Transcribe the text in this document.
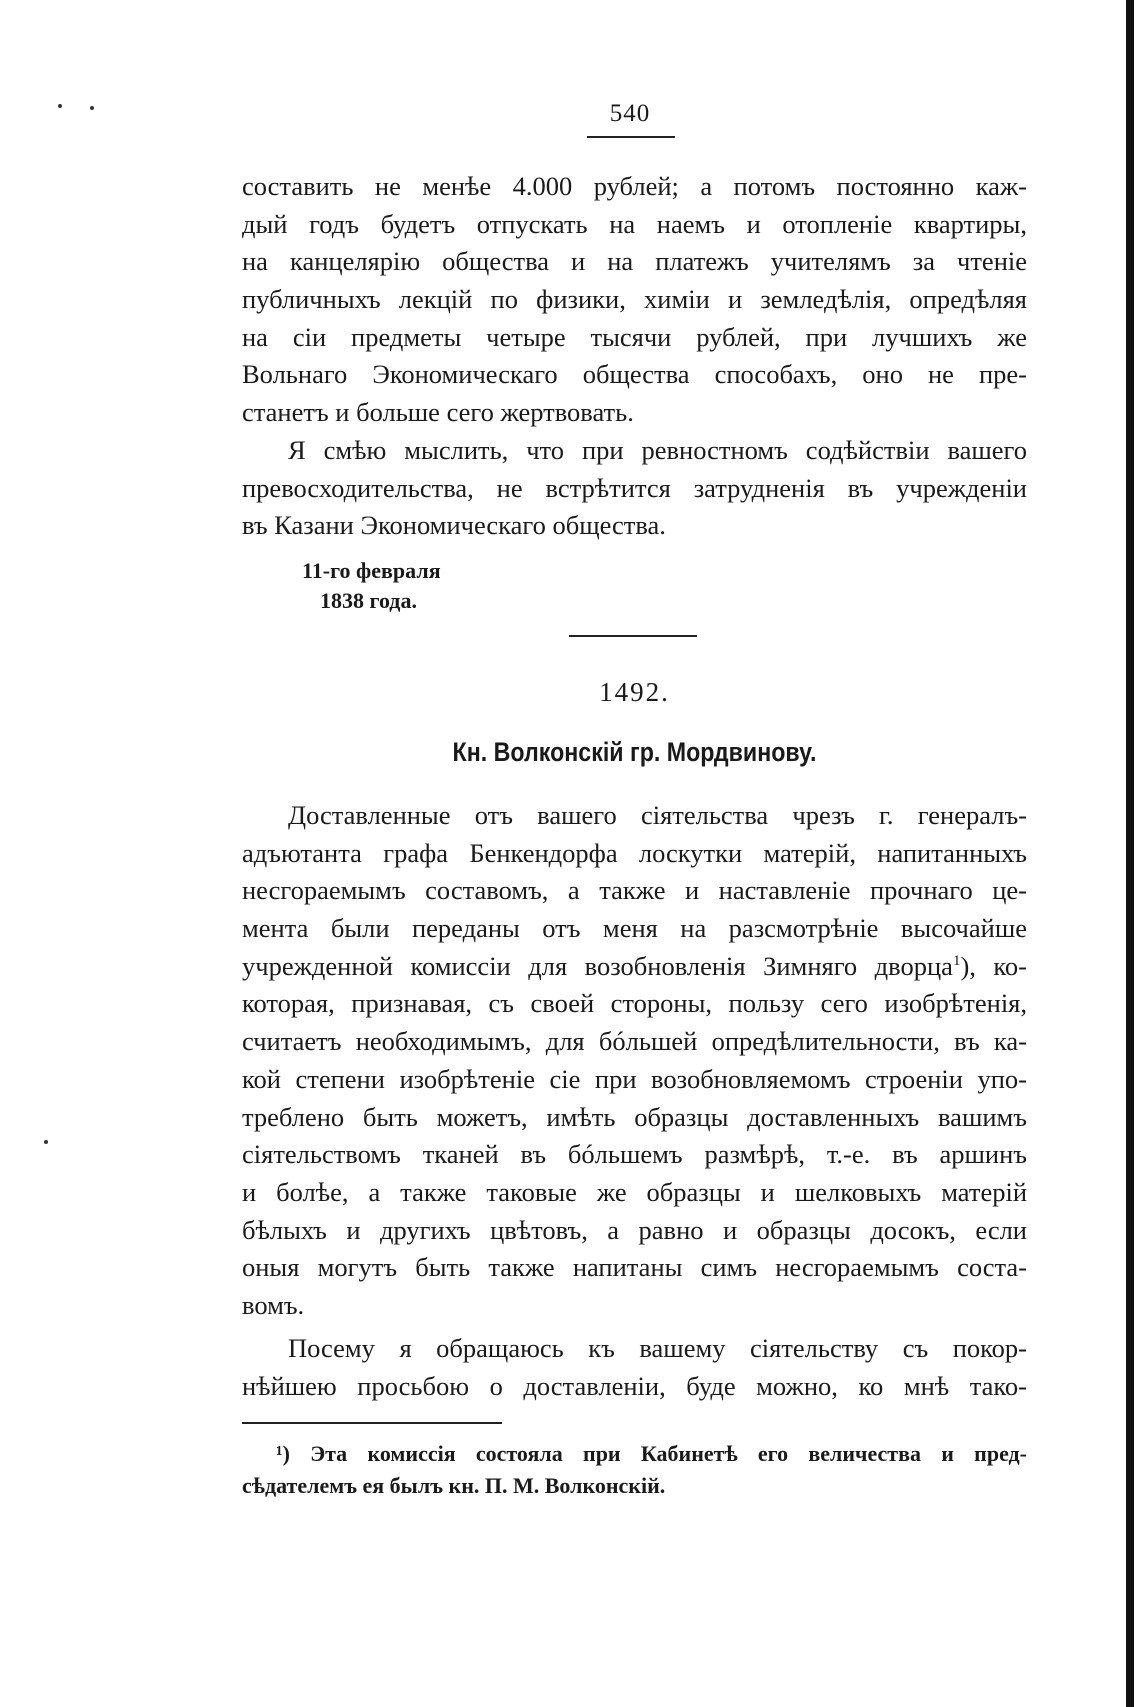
540
составить не менѣе 4.000 рублей; а потомъ постоянно каж-
дый годъ будетъ отпускать на наемъ и отопленіе квартиры,
на канцелярію общества и на платежъ учителямъ за чтеніе
публичныхъ лекцій по физики, химіи и земледѣлія, опредѣляя
на сіи предметы четыре тысячи рублей, при лучшихъ же
Вольнаго Экономическаго общества способахъ, оно не пре-
станетъ и больше сего жертвовать.
Я смѣю мыслить, что при ревностномъ содѣйствіи вашего
превосходительства, не встрѣтится затрудненія въ учрежденіи
въ Казани Экономическаго общества.
11-го февраля
1838 года.
1492.
Кн. Волконскій гр. Мордвинову.
Доставленные отъ вашего сіятельства чрезъ г. генералъ-
адъютанта графа Бенкендорфа лоскутки матерій, напитанныхъ
несгораемымъ составомъ, а также и наставленіе прочнаго це-
мента были переданы отъ меня на разсмотрѣніе высочайше
учрежденной комиссіи для возобновленія Зимняго дворца$^1$), ко-
которая, признавая, съ своей стороны, пользу сего изобрѣтенія,
считаетъ необходимымъ, для бóльшей опредѣлительности, въ ка-
кой степени изобрѣтеніе сіе при возобновляемомъ строеніи упо-
треблено быть можетъ, имѣть образцы доставленныхъ вашимъ
сіятельствомъ тканей въ бóльшемъ размѣрѣ, т.-е. въ аршинъ
и болѣе, а также таковые же образцы и шелковыхъ матерій
бѣлыхъ и другихъ цвѣтовъ, а равно и образцы досокъ, если
оныя могутъ быть также напитаны симъ несгораемымъ соста-
вомъ.
Посему я обращаюсь къ вашему сіятельству съ покор-
нѣйшею просьбою о доставленіи, буде можно, ко мнѣ тако-
¹) Эта комиссія состояла при Кабинетѣ его величества и пред-
сѣдателемъ ея былъ кн. П. М. Волконскій.
